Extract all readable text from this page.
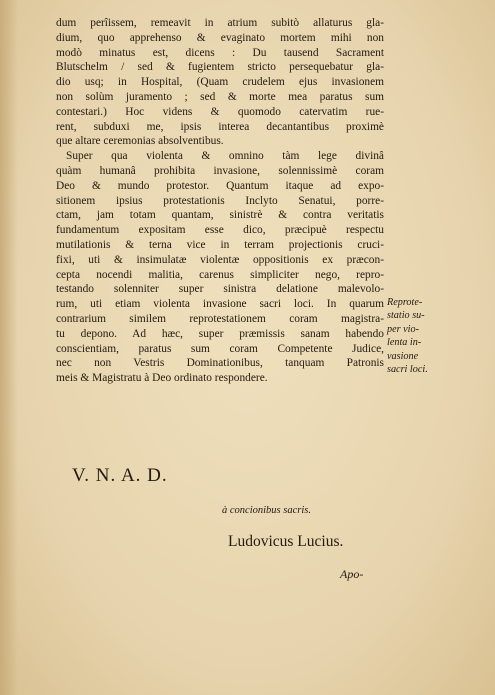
dum perîissem, remeavit in atrium subitò allaturus gla-
dium, quo apprehenso & evaginato mortem mihi non
modò minatus est, dicens : Du tausend Sacrament
Blutschelm / sed & fugientem stricto persequebatur gla-
dio usq; in Hospital, (Quam crudelem ejus invasionem
non solùm juramento ; sed & morte mea paratus sum
contestari.) Hoc videns & quomodo catervatim rue-
rent, subduxi me, ipsis interea decantantibus proximè
que altare ceremonias absolventibus.
Super qua violenta & omnino tàm lege divinâ
quàm humanâ prohibita invasione, solennissimè coram
Deo & mundo protestor. Quantum itaque ad expo-
sitionem ipsius protestationis Inclyto Senatui, porre-
ctam, jam totam quantam, sinistrè & contra veritatis
fundamentum expositam esse dico, præcipuè respectu
mutilationis & terna vice in terram projectionis cruci-
fixi, uti & insimulatæ violentæ oppositionis ex præcon-
cepta nocendi malitia, carenus simpliciter nego, repro-
testando solenniter super sinistra delatione malevolo-
rum, uti etiam violenta invasione sacri loci. In quarum
contrarium similem reprotestationem coram magistra-
tu depono. Ad hæc, super præmissis sanam habendo
conscientiam, paratus sum coram Competente Judice,
nec non Vestris Dominationibus, tanquam Patronis
meis & Magistratu à Deo ordinato respondere.
Reprote-
statio su-
per vio-
lenta in-
vasione
sacri loci.
V. N. A. D.
à concionibus sacris.
Ludovicus Lucius.
Apo-
